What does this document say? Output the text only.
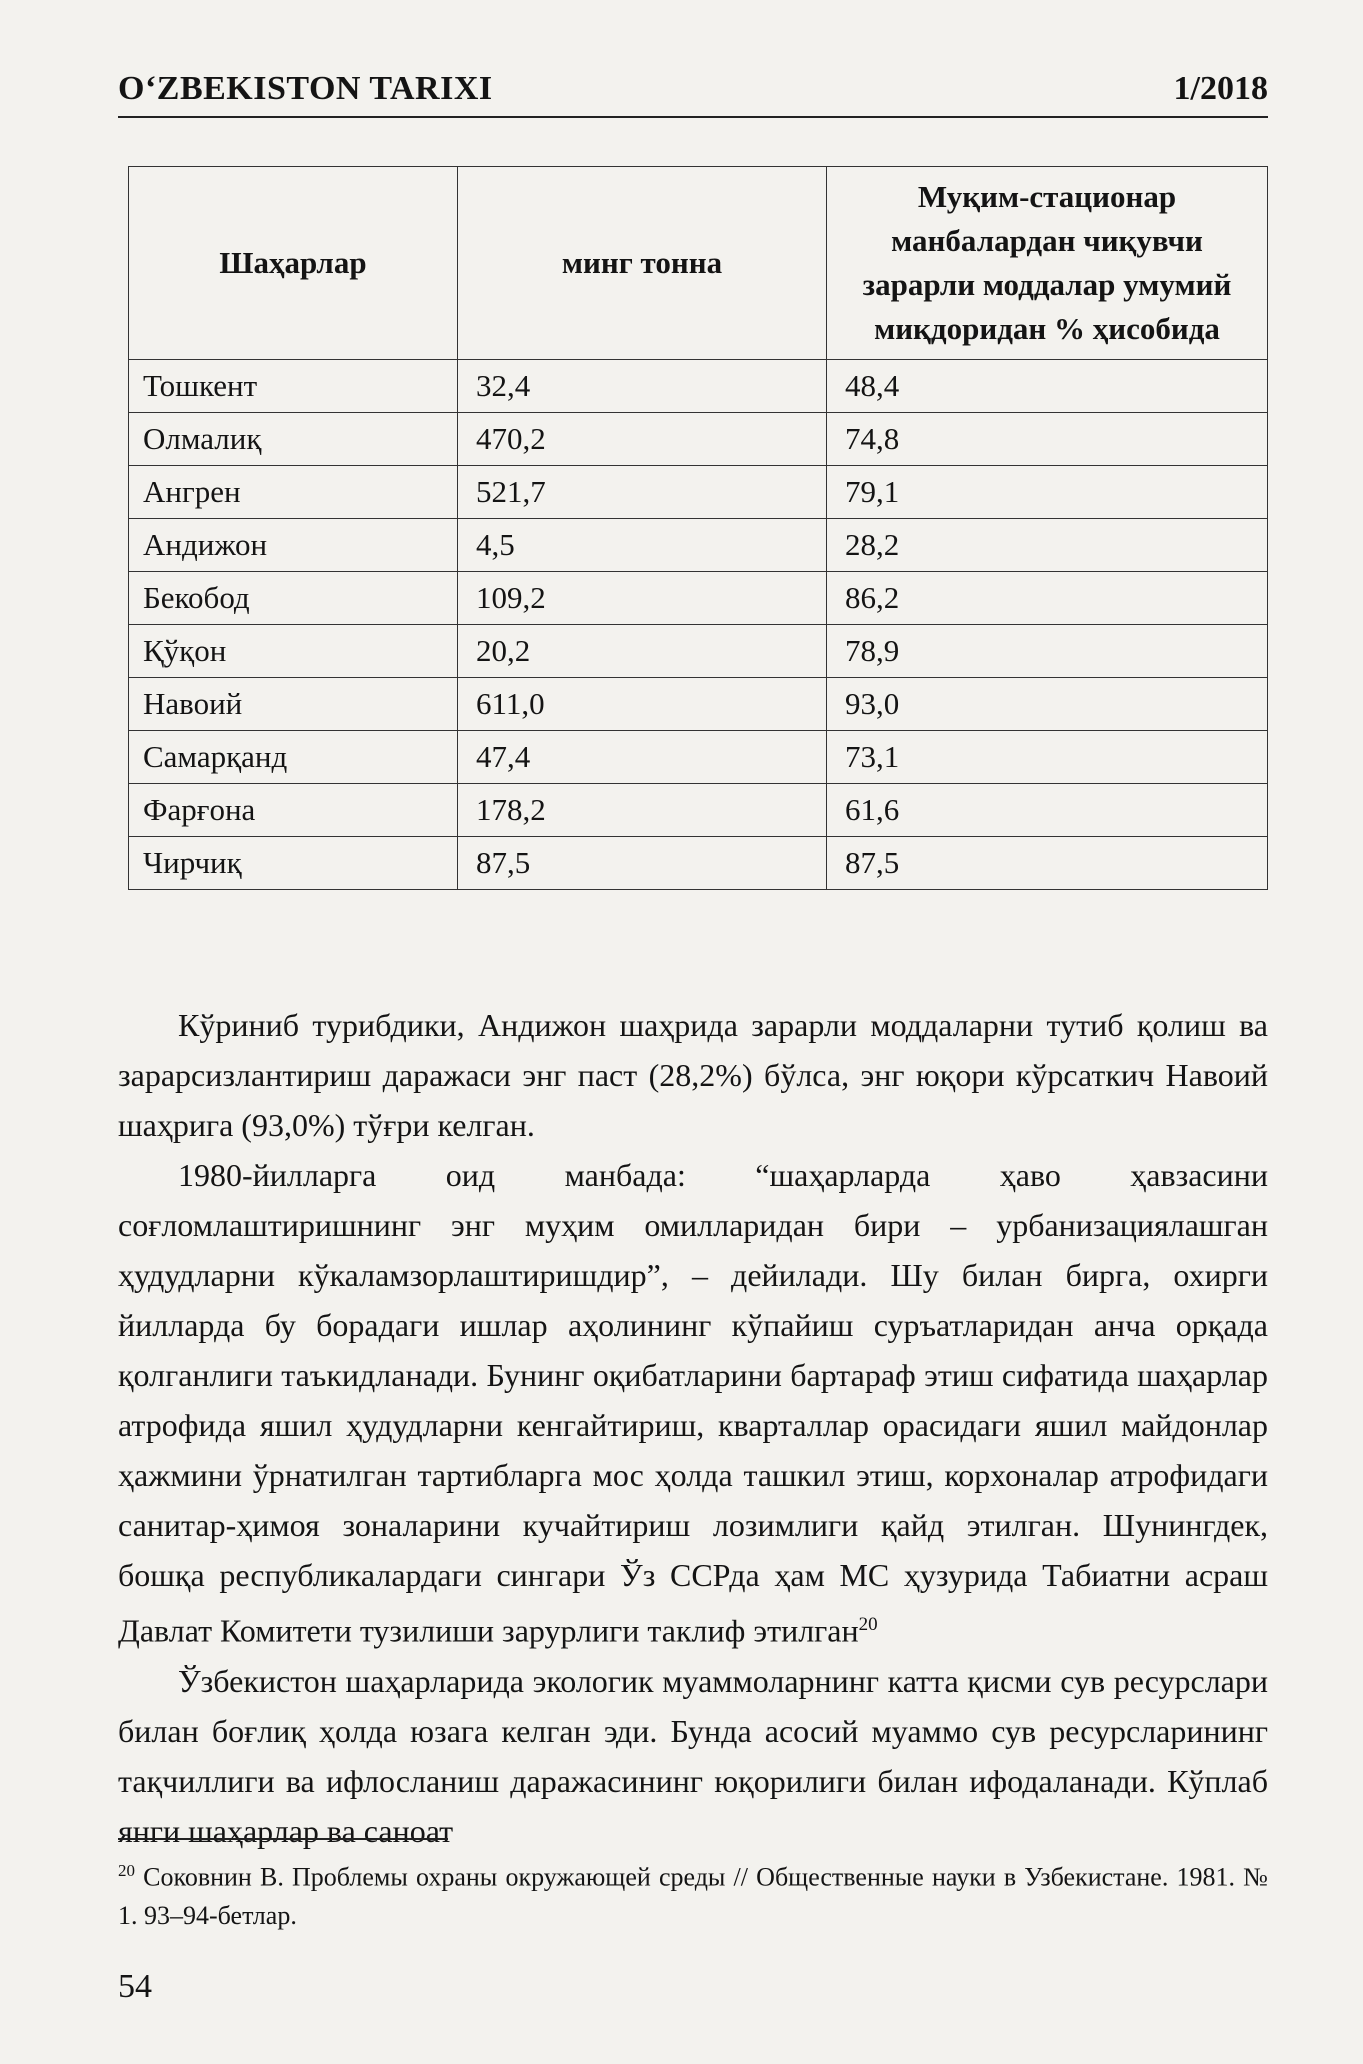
O‘ZBEKISTON TARIXI	1/2018
Шаҳарлар	минг тонна	Муқим-стационар манбалардан чиқувчи зарарли моддалар умумий миқдоридан % ҳисобида
Тошкент	32,4	48,4
Олмалиқ	470,2	74,8
Ангрен	521,7	79,1
Андижон	4,5	28,2
Бекобод	109,2	86,2
Қўқон	20,2	78,9
Навоий	611,0	93,0
Самарқанд	47,4	73,1
Фарғона	178,2	61,6
Чирчиқ	87,5	87,5

Кўриниб турибдики, Андижон шаҳрида зарарли моддаларни тутиб қолиш ва зарарсизлантириш даражаси энг паст (28,2%) бўлса, энг юқори кўрсаткич Навоий шаҳрига (93,0%) тўғри келган.

1980-йилларга оид манбада: “шаҳарларда ҳаво ҳавзасини соғломлаштиришнинг энг муҳим омилларидан бири – урбанизациялашган ҳудудларни кўкаламзорлаштиришдир”, – дейилади. Шу билан бирга, охирги йилларда бу борадаги ишлар аҳолининг кўпайиш суръатларидан анча орқада қолганлиги таъкидланади. Бунинг оқибатларини бартараф этиш сифатида шаҳарлар атрофида яшил ҳудудларни кенгайтириш, кварталлар орасидаги яшил майдонлар ҳажмини ўрнатилган тартибларга мос ҳолда ташкил этиш, корхоналар атрофидаги санитар-ҳимоя зоналарини кучайтириш лозимлиги қайд этилган. Шунингдек, бошқа республикалардаги сингари Ўз ССРда ҳам МС ҳузурида Табиатни асраш Давлат Комитети тузилиши зарурлиги таклиф этилган$^{20}$

Ўзбекистон шаҳарларида экологик муаммоларнинг катта қисми сув ресурслари билан боғлиқ ҳолда юзага келган эди. Бунда асосий муаммо сув ресурсларининг тақчиллиги ва ифлосланиш даражасининг юқорилиги билан ифодаланади. Кўплаб янги шаҳарлар ва саноат

$^{20}$ Соковнин В. Проблемы охраны окружающей среды // Общественные науки в Узбекистане. 1981. № 1. 93–94-бетлар.
54
